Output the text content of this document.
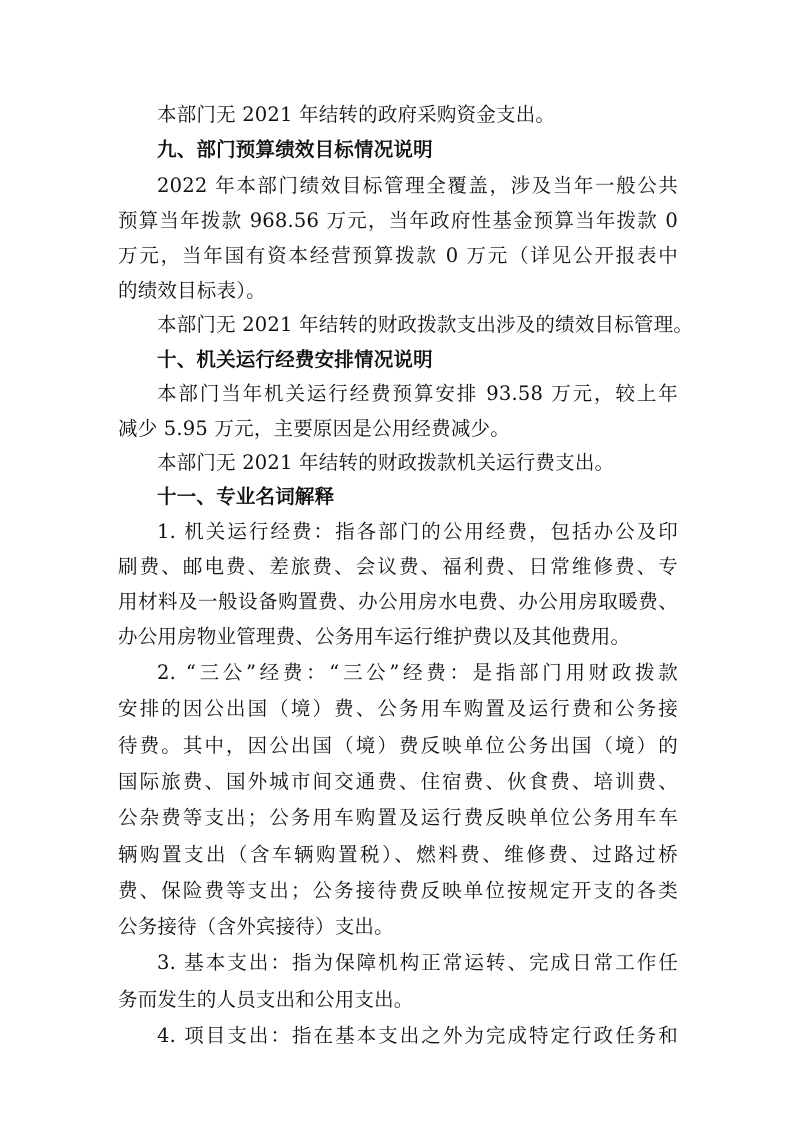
本部门无 2021 年结转的政府采购资金支出。
九、部门预算绩效目标情况说明
2022 年本部门绩效目标管理全覆盖，涉及当年一般公共
预算当年拨款 968.56 万元，当年政府性基金预算当年拨款 0
万元，当年国有资本经营预算拨款 0 万元（详见公开报表中
的绩效目标表）。
本部门无 2021 年结转的财政拨款支出涉及的绩效目标管理。
十、机关运行经费安排情况说明
本部门当年机关运行经费预算安排 93.58 万元，较上年
减少 5.95 万元，主要原因是公用经费减少。
本部门无 2021 年结转的财政拨款机关运行费支出。
十一、专业名词解释
1. 机关运行经费：指各部门的公用经费，包括办公及印
刷费、邮电费、差旅费、会议费、福利费、日常维修费、专
用材料及一般设备购置费、办公用房水电费、办公用房取暖费、
办公用房物业管理费、公务用车运行维护费以及其他费用。
2. “三公”经费：“三公”经费：是指部门用财政拨款
安排的因公出国（境）费、公务用车购置及运行费和公务接
待费。其中，因公出国（境）费反映单位公务出国（境）的
国际旅费、国外城市间交通费、住宿费、伙食费、培训费、
公杂费等支出；公务用车购置及运行费反映单位公务用车车
辆购置支出（含车辆购置税）、燃料费、维修费、过路过桥
费、保险费等支出；公务接待费反映单位按规定开支的各类
公务接待（含外宾接待）支出。
3. 基本支出：指为保障机构正常运转、完成日常工作任
务而发生的人员支出和公用支出。
4. 项目支出：指在基本支出之外为完成特定行政任务和
